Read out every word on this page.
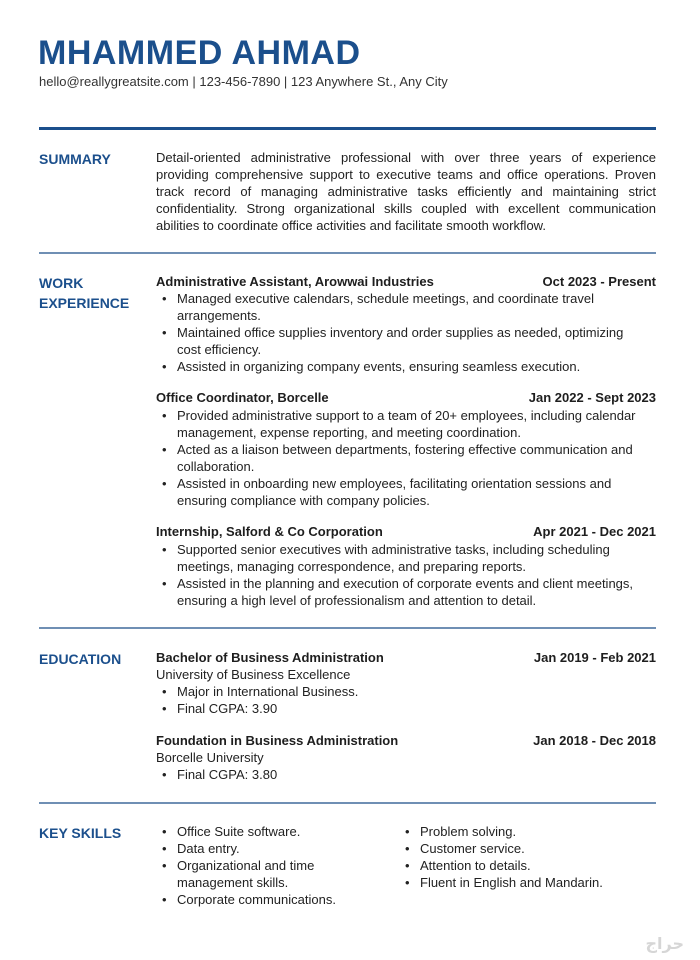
MHAMMED AHMAD
hello@reallygreatsite.com | 123-456-7890 | 123 Anywhere St., Any City
SUMMARY	Detail-oriented administrative professional with over three years of experience providing comprehensive support to executive teams and office operations. Proven track record of managing administrative tasks efficiently and maintaining strict confidentiality. Strong organizational skills coupled with excellent communication abilities to coordinate office activities and facilitate smooth workflow.
WORK
EXPERIENCE
Administrative Assistant, Arowwai Industries	Oct 2023 - Present
• Managed executive calendars, schedule meetings, and coordinate travel arrangements.
• Maintained office supplies inventory and order supplies as needed, optimizing cost efficiency.
• Assisted in organizing company events, ensuring seamless execution.
Office Coordinator, Borcelle	Jan 2022 - Sept 2023
• Provided administrative support to a team of 20+ employees, including calendar management, expense reporting, and meeting coordination.
• Acted as a liaison between departments, fostering effective communication and collaboration.
• Assisted in onboarding new employees, facilitating orientation sessions and ensuring compliance with company policies.
Internship, Salford & Co Corporation	Apr 2021 - Dec 2021
• Supported senior executives with administrative tasks, including scheduling meetings, managing correspondence, and preparing reports.
• Assisted in the planning and execution of corporate events and client meetings, ensuring a high level of professionalism and attention to detail.
EDUCATION	Bachelor of Business Administration	Jan 2019 - Feb 2021
University of Business Excellence
• Major in International Business.
• Final CGPA: 3.90
Foundation in Business Administration	Jan 2018 - Dec 2018
Borcelle University
• Final CGPA: 3.80
KEY SKILLS
•	Office Suite software.
• Data entry.
• Organizational and time management skills.
• Corporate communications.
• Problem solving.
• Customer service.
• Attention to details.
• Fluent in English and Mandarin.
حراج
